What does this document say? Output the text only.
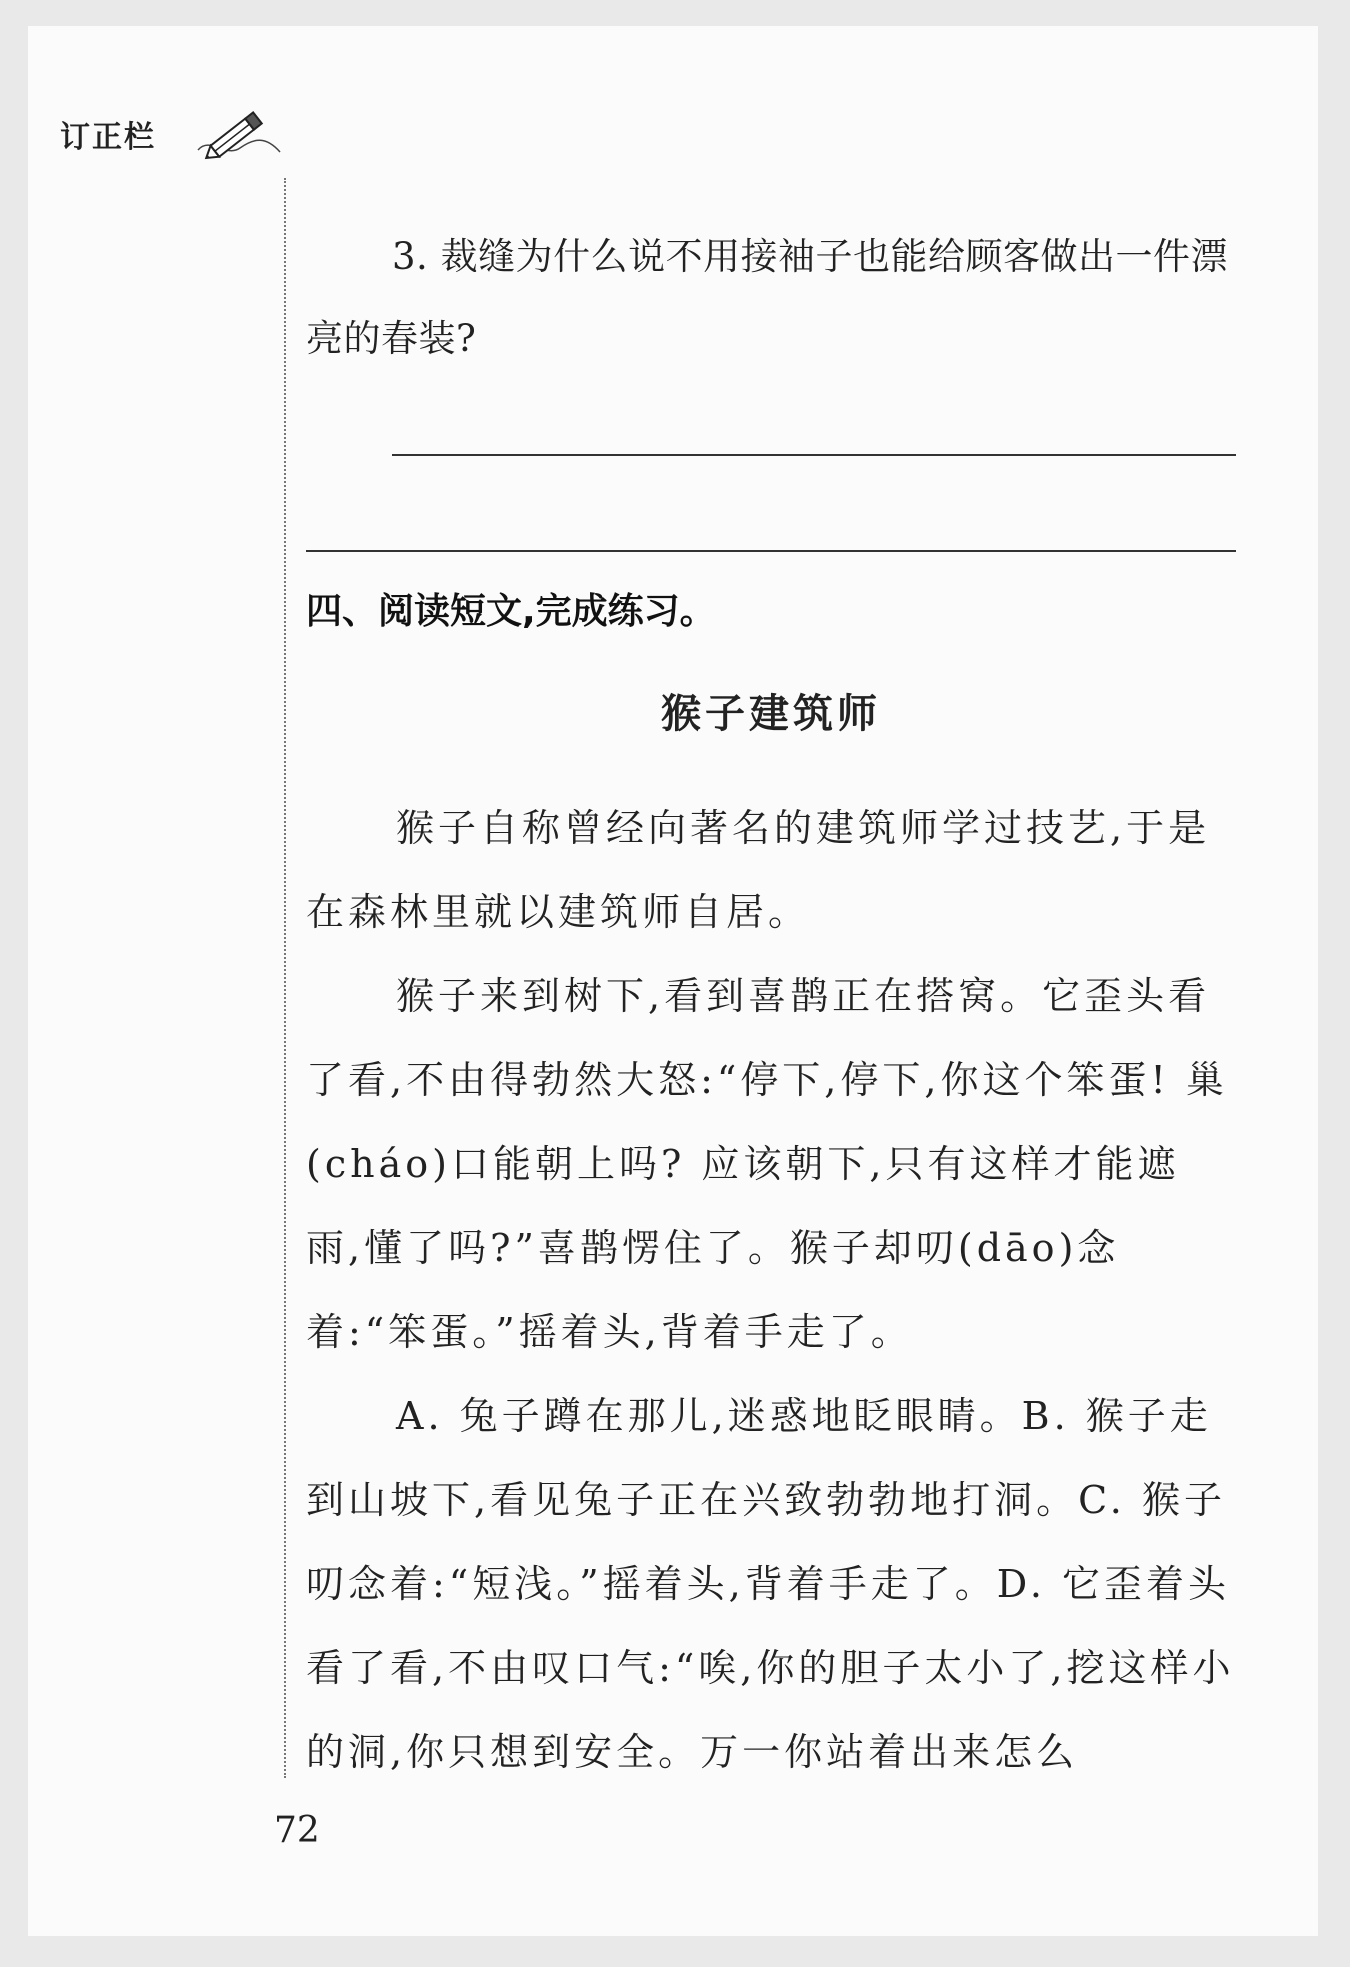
订正栏

3. 裁缝为什么说不用接袖子也能给顾客做出一件漂亮的春装?

四、阅读短文,完成练习。
猴子建筑师

猴子自称曾经向著名的建筑师学过技艺,于是在森林里就以建筑师自居。

猴子来到树下,看到喜鹊正在搭窝。它歪头看了看,不由得勃然大怒:“停下,停下,你这个笨蛋! 巢(cháo)口能朝上吗? 应该朝下,只有这样才能遮雨,懂了吗?”喜鹊愣住了。猴子却叨(dāo)念着:“笨蛋。”摇着头,背着手走了。

A. 兔子蹲在那儿,迷惑地眨眼睛。B. 猴子走到山坡下,看见兔子正在兴致勃勃地打洞。C. 猴子叨念着:“短浅。”摇着头,背着手走了。D. 它歪着头看了看,不由叹口气:“唉,你的胆子太小了,挖这样小的洞,你只想到安全。万一你站着出来怎么

72
